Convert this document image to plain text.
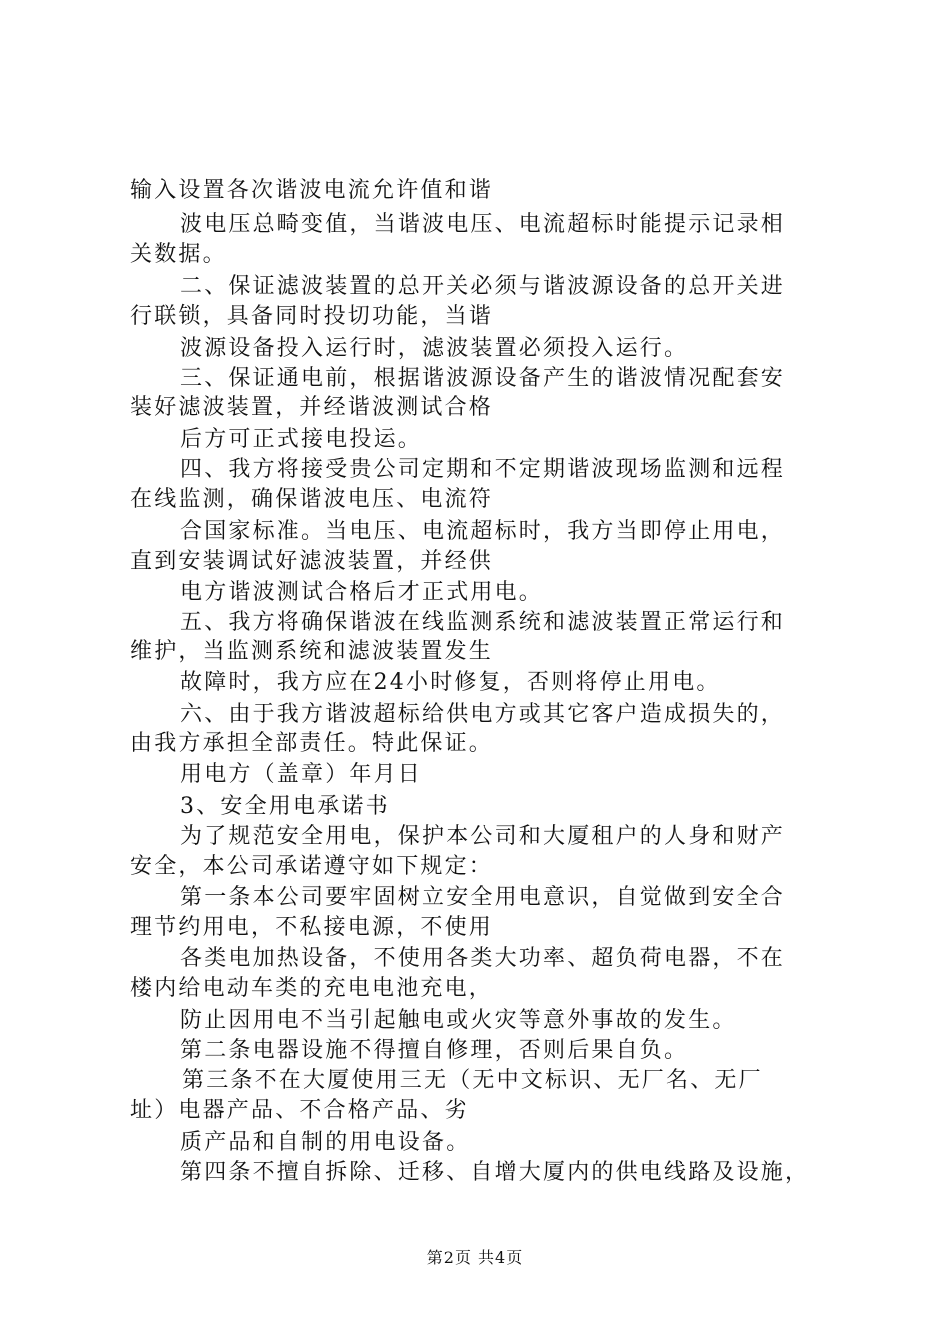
输入设置各次谐波电流允许值和谐
波电压总畸变值，当谐波电压、电流超标时能提示记录相
关数据。
二、保证滤波装置的总开关必须与谐波源设备的总开关进
行联锁，具备同时投切功能，当谐
波源设备投入运行时，滤波装置必须投入运行。
三、保证通电前，根据谐波源设备产生的谐波情况配套安
装好滤波装置，并经谐波测试合格
后方可正式接电投运。
四、我方将接受贵公司定期和不定期谐波现场监测和远程
在线监测，确保谐波电压、电流符
合国家标准。当电压、电流超标时，我方当即停止用电，
直到安装调试好滤波装置，并经供
电方谐波测试合格后才正式用电。
五、我方将确保谐波在线监测系统和滤波装置正常运行和
维护，当监测系统和滤波装置发生
故障时，我方应在24小时修复，否则将停止用电。
六、由于我方谐波超标给供电方或其它客户造成损失的，
由我方承担全部责任。特此保证。
用电方（盖章）年月日
3、安全用电承诺书
为了规范安全用电，保护本公司和大厦租户的人身和财产
安全，本公司承诺遵守如下规定：
第一条本公司要牢固树立安全用电意识，自觉做到安全合
理节约用电，不私接电源，不使用
各类电加热设备，不使用各类大功率、超负荷电器，不在
楼内给电动车类的充电电池充电，
防止因用电不当引起触电或火灾等意外事故的发生。
第二条电器设施不得擅自修理，否则后果自负。
第三条不在大厦使用三无（无中文标识、无厂名、无厂
址）电器产品、不合格产品、劣
质产品和自制的用电设备。
第四条不擅自拆除、迁移、自增大厦内的供电线路及设施，
第2页 共4页
